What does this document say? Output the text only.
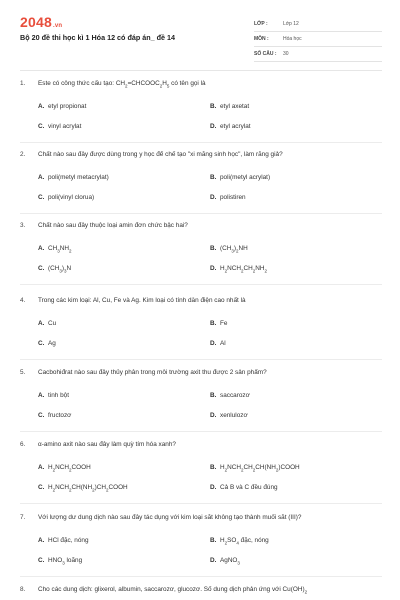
2048.vn
Bộ 20 đề thi học kì 1 Hóa 12 có đáp án_ đề 14
LỚP :	Lớp 12
MÔN :	Hóa học
SỐ CÂU : 30
1. Este có công thức cấu tạo: $CH_2=CHCOOC_2H_5$ có tên gọi là
A. etyl propionat	B. etyl axetat
C. vinyl acrylat	D. etyl acrylat
2. Chất nào sau đây được dùng trong y học để chế tạo "xi măng sinh học", làm răng giả?
A. poli(metyl metacrylat)	B. poli(metyl acrylat)
C. poli(vinyl clorua)	D. polistiren
3. Chất nào sau đây thuộc loại amin đơn chức bậc hai?
A. $CH_3NH_2$	B. $(CH_3)_2NH$
C. $(CH_3)_3N$	D. $H_2NCH_2CH_2NH_2$
4. Trong các kim loại: Al, Cu, Fe và Ag. Kim loại có tính dẫn điện cao nhất là
A. Cu	B. Fe
C. Ag	D. Al
5. Cacbohiđrat nào sau đây thủy phân trong môi trường axit thu được 2 sản phẩm?
A. tinh bột	B. saccarozơ
C. fructozơ	D. xenlulozơ
6. α-amino axit nào sau đây làm quỳ tím hóa xanh?
A. $H_2NCH_2COOH$	B. $H_2NCH_2CH_2CH(NH_2)COOH$
C. $H_2NCH_2CH(NH_2)CH_2COOH$	D. Cả B và C đều đúng
7. Với lượng dư dung dịch nào sau đây tác dụng với kim loại sắt không tạo thành muối sắt (III)?
A. HCl đặc, nóng	B. $H_2SO_4$ đặc, nóng
C. $HNO_3$ loãng	D. AgNO$_3$
8. Cho các dung dịch: glixerol, albumin, saccarozơ, glucozơ. Số dung dịch phản ứng với $Cu(OH)_2$
